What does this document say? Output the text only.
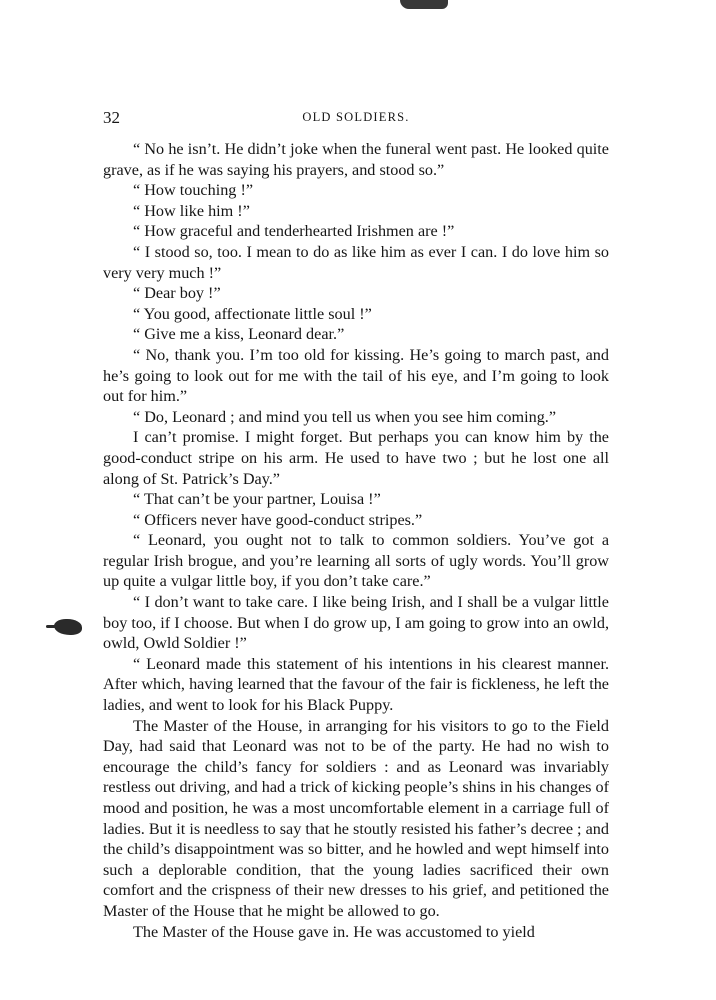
32	OLD SOLDIERS.

“ No he isn’t. He didn’t joke when the funeral went past. He looked quite grave, as if he was saying his prayers, and stood so.”

“ How touching !”

“ How like him !”

“ How graceful and tenderhearted Irishmen are !”

“ I stood so, too. I mean to do as like him as ever I can. I do love him so very very much !”

“ Dear boy !”

“ You good, affectionate little soul !”

“ Give me a kiss, Leonard dear.”

“ No, thank you. I’m too old for kissing. He’s going to march past, and he’s going to look out for me with the tail of his eye, and I’m going to look out for him.”

“ Do, Leonard ; and mind you tell us when you see him coming.”

I can’t promise. I might forget. But perhaps you can know him by the good-conduct stripe on his arm. He used to have two ; but he lost one all along of St. Patrick’s Day.”

“ That can’t be your partner, Louisa !”

“ Officers never have good-conduct stripes.”

“ Leonard, you ought not to talk to common soldiers. You’ve got a regular Irish brogue, and you’re learning all sorts of ugly words. You’ll grow up quite a vulgar little boy, if you don’t take care.”

“ I don’t want to take care. I like being Irish, and I shall be a vulgar little boy too, if I choose. But when I do grow up, I am going to grow into an owld, owld, Owld Soldier !”

“ Leonard made this statement of his intentions in his clearest manner. After which, having learned that the favour of the fair is fickleness, he left the ladies, and went to look for his Black Puppy.

The Master of the House, in arranging for his visitors to go to the Field Day, had said that Leonard was not to be of the party. He had no wish to encourage the child’s fancy for soldiers : and as Leonard was invariably restless out driving, and had a trick of kicking people’s shins in his changes of mood and position, he was a most uncomfortable element in a carriage full of ladies. But it is needless to say that he stoutly resisted his father’s decree ; and the child’s disappointment was so bitter, and he howled and wept himself into such a deplorable condition, that the young ladies sacrificed their own comfort and the crispness of their new dresses to his grief, and petitioned the Master of the House that he might be allowed to go.

The Master of the House gave in. He was accustomed to yield
